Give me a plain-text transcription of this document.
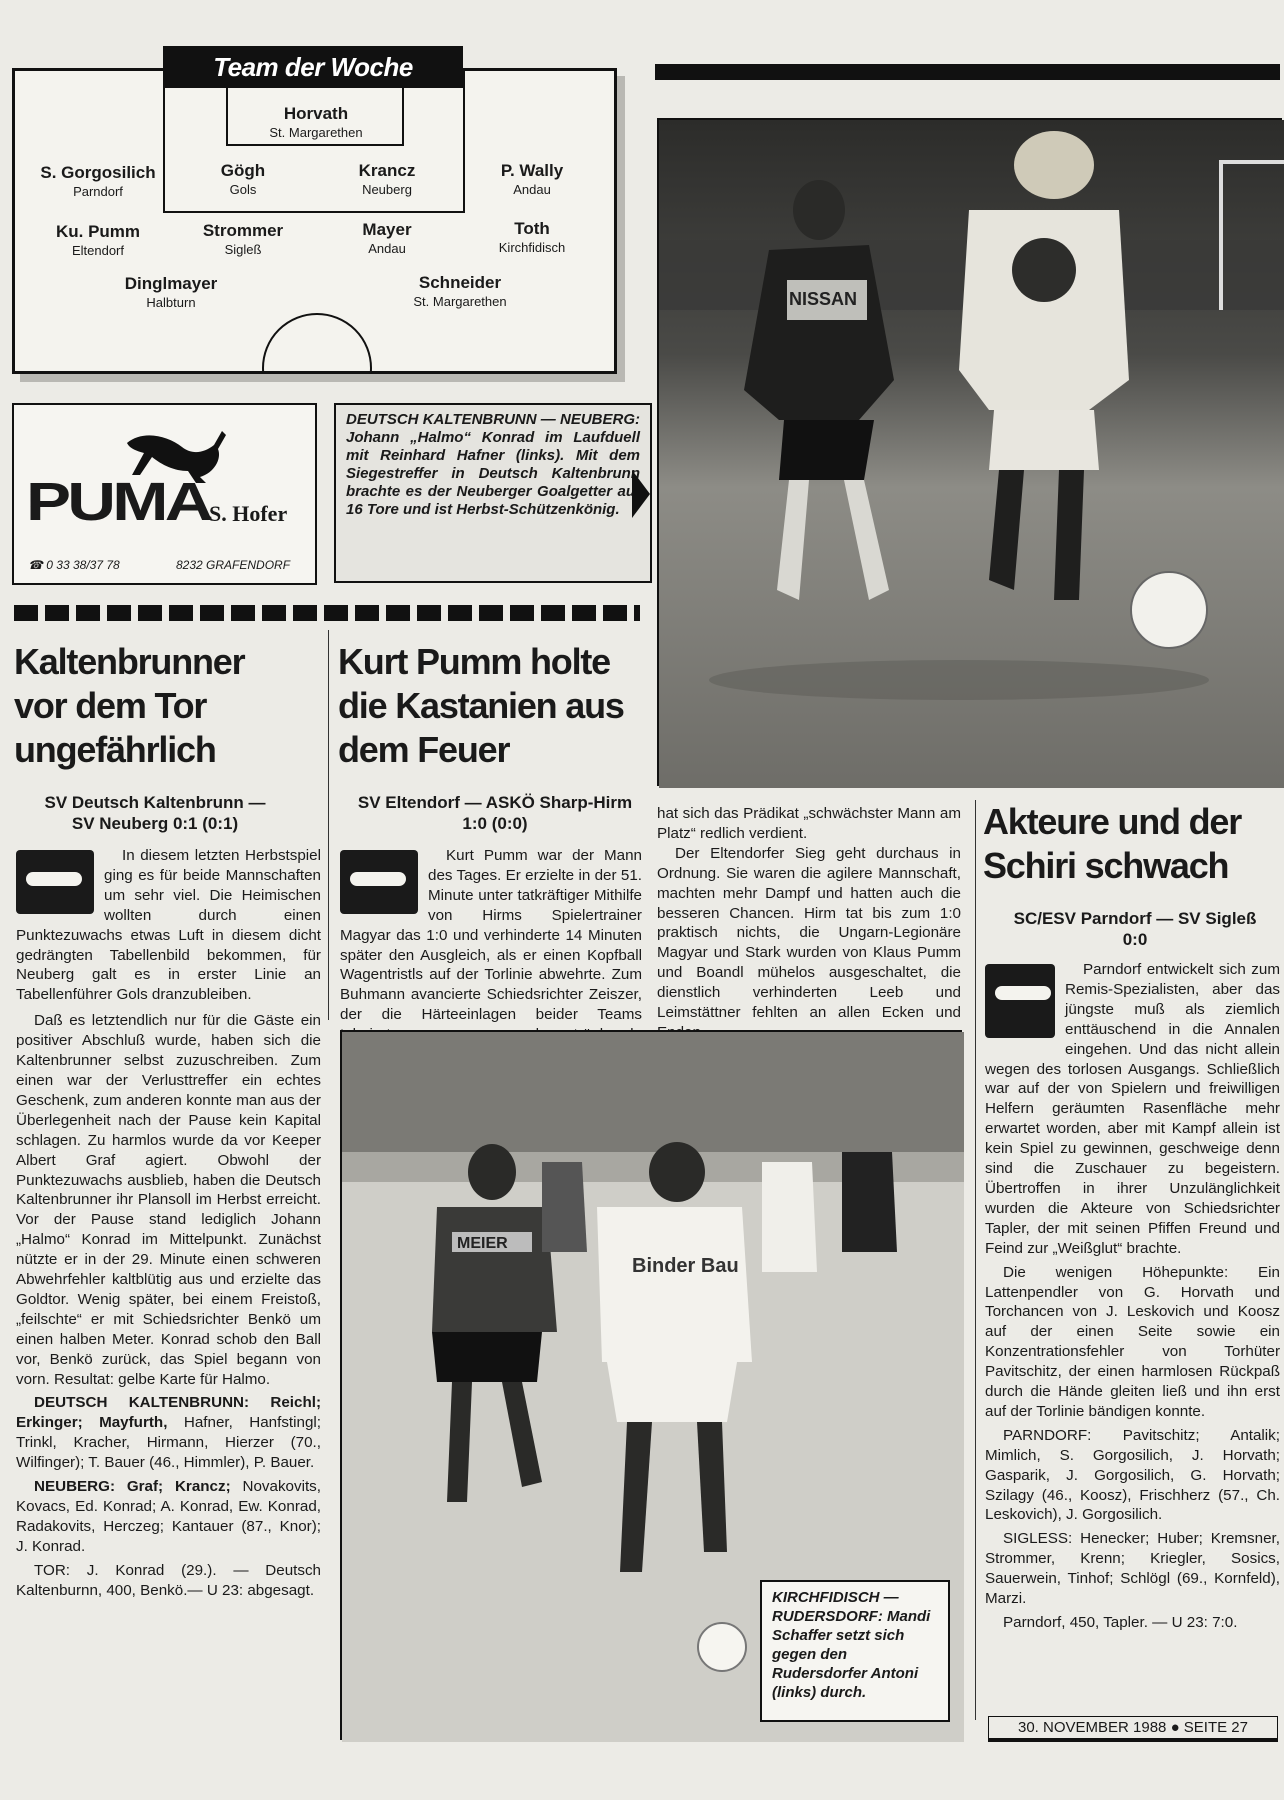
Team der Woche
Horvath
St. Margarethen
S. Gorgosilich
Parndorf
Gögh
Gols
Krancz
Neuberg
P. Wally
Andau
Ku. Pumm
Eltendorf
Strommer
Sigleß
Mayer
Andau
Toth
Kirchfidisch
Dinglmayer
Halbturn
Schneider
St. Margarethen	NISSAN
PUMA S. Hofer
☎ 0 33 38/37 78	8232 GRAFENDORF
DEUTSCH KALTENBRUNN — NEUBERG: Johann „Halmo“ Konrad im Laufduell mit Reinhard Hafner (links). Mit dem Siegestreffer in Deutsch Kaltenbrunn brachte es der Neuberger Goalgetter auf 16 Tore und ist Herbst-Schützenkönig.
Kaltenbrunner vor dem Tor ungefährlich
SV Deutsch Kaltenbrunn — SV Neuberg 0:1 (0:1)

In diesem letzten Herbstspiel ging es für beide Mannschaften um sehr viel. Die Heimischen wollten durch einen Punktezuwachs etwas Luft in diesem dicht gedrängten Tabellenbild bekommen, für Neuberg galt es in erster Linie an Tabellenführer Gols dranzubleiben.

Daß es letztendlich nur für die Gäste ein positiver Abschluß wurde, haben sich die Kaltenbrunner selbst zuzuschreiben. Zum einen war der Verlusttreffer ein echtes Geschenk, zum anderen konnte man aus der Überlegenheit nach der Pause kein Kapital schlagen. Zu harmlos wurde da vor Keeper Albert Graf agiert. Obwohl der Punktezuwachs ausblieb, haben die Deutsch Kaltenbrunner ihr Plansoll im Herbst erreicht. Vor der Pause stand lediglich Johann „Halmo“ Konrad im Mittelpunkt. Zunächst nützte er in der 29. Minute einen schweren Abwehrfehler kaltblütig aus und erzielte das Goldtor. Wenig später, bei einem Freistoß, „feilschte“ er mit Schiedsrichter Benkö um einen halben Meter. Konrad schob den Ball vor, Benkö zurück, das Spiel begann von vorn. Resultat: gelbe Karte für Halmo.

DEUTSCH KALTENBRUNN: Reichl; Erkinger; Mayfurth, Hafner, Hanfstingl; Trinkl, Kracher, Hirmann, Hierzer (70., Wilfinger); T. Bauer (46., Himmler), P. Bauer.
NEUBERG: Graf; Krancz; Novakovits, Kovacs, Ed. Konrad; A. Konrad, Ew. Konrad, Radakovits, Herczeg; Kantauer (87., Knor); J. Konrad.
TOR: J. Konrad (29.). — Deutsch Kaltenburnn, 400, Benkö.— U 23: abgesagt.
Kurt Pumm holte die Kastanien aus dem Feuer
SV Eltendorf — ASKÖ Sharp-Hirm 1:0 (0:0)

Kurt Pumm war der Mann des Tages. Er erzielte in der 51. Minute unter tatkräftiger Mithilfe von Hirms Spielertrainer Magyar das 1:0 und verhinderte 14 Minuten später den Ausgleich, als er einen Kopfball Wagentristls auf der Torlinie abwehrte. Zum Buhmann avancierte Schiedsrichter Zeiszer, der die Härteeinlagen beider Teams

hat sich das Prädikat „schwächster Mann am Platz“ redlich verdient.

Der Eltendorfer Sieg geht durchaus in Ordnung. Sie waren die agilere Mannschaft, machten mehr Dampf und hatten auch die besseren Chancen. Hirm tat bis zum 1:0 praktisch nichts, die Ungarn-Legionäre Magyar und Stark wurden von Klaus Pumm und Boandl mühelos ausgeschaltet, die dienstlich verhinderten Leeb und Leimstättner fehlten an allen Ecken und

MEIER
Binder Bau
KIRCHFIDISCH — RUDERSDORF: Mandi Schaffer setzt sich gegen den Rudersdorfer Antoni (links) durch.
Akteure und der Schiri schwach
SC/ESV Parndorf — SV Sigleß 0:0

Parndorf entwickelt sich zum Remis-Spezialisten, aber das jüngste muß als ziemlich enttäuschend in die Annalen eingehen. Und das nicht allein wegen des torlosen Ausgangs. Schließlich war auf der von Spielern und freiwilligen Helfern geräumten Rasenfläche mehr erwartet worden, aber mit Kampf allein ist kein Spiel zu gewinnen, geschweige denn sind die Zuschauer zu begeistern. Übertroffen in ihrer Unzulänglichkeit wurden die Akteure von Schiedsrichter Tapler, der mit seinen Pfiffen Freund und Feind zur „Weißglut“ brachte.

Die wenigen Höhepunkte: Ein Lattenpendler von G. Horvath und Torchancen von J. Leskovich und Koosz auf der einen Seite sowie ein Konzentrationsfehler von Torhüter Pavitschitz, der einen harmlosen Rückpaß durch die Hände gleiten ließ und ihn erst auf der Torlinie bändigen konnte.

PARNDORF: Pavitschitz; Antalik; Mimlich, S. Gorgosilich, J. Horvath; Gasparik, J. Gorgosilich, G. Horvath; Szilagy (46., Koosz), Frischherz (57., Ch. Leskovich), J. Gorgosilich.
SIGLESS: Henecker; Huber; Kremsner, Strommer, Krenn; Kriegler, Sosics, Sauerwein, Tinhof; Schlögl (69., Kornfeld), Marzi.
Parndorf, 450, Tapler. — U 23: 7:0.
30. NOVEMBER 1988 ● SEITE 27
